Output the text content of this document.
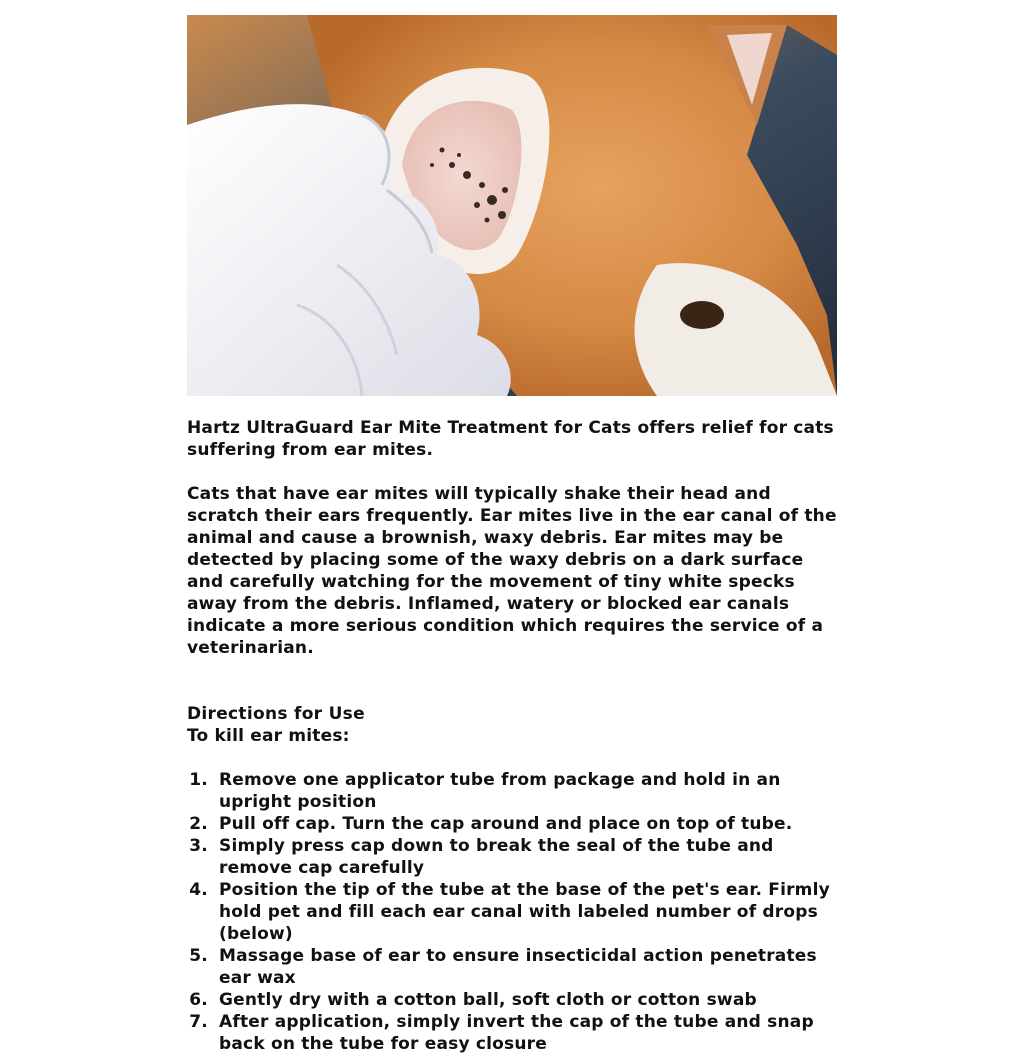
Hartz UltraGuard Ear Mite Treatment for Cats offers relief for cats suffering from ear mites.

Cats that have ear mites will typically shake their head and scratch their ears frequently. Ear mites live in the ear canal of the animal and cause a brownish, waxy debris. Ear mites may be detected by placing some of the waxy debris on a dark surface and carefully watching for the movement of tiny white specks away from the debris. Inflamed, watery or blocked ear canals indicate a more serious condition which requires the service of a veterinarian.

Directions for Use

To kill ear mites:

1. Remove one applicator tube from package and hold in an upright position
2. Pull off cap. Turn the cap around and place on top of tube.
3. Simply press cap down to break the seal of the tube and remove cap carefully
4. Position the tip of the tube at the base of the pet's ear. Firmly hold pet and fill each ear canal with labeled number of drops (below)
5. Massage base of ear to ensure insecticidal action penetrates ear wax
6. Gently dry with a cotton ball, soft cloth or cotton swab
7. After application, simply invert the cap of the tube and snap back on the tube for easy closure
